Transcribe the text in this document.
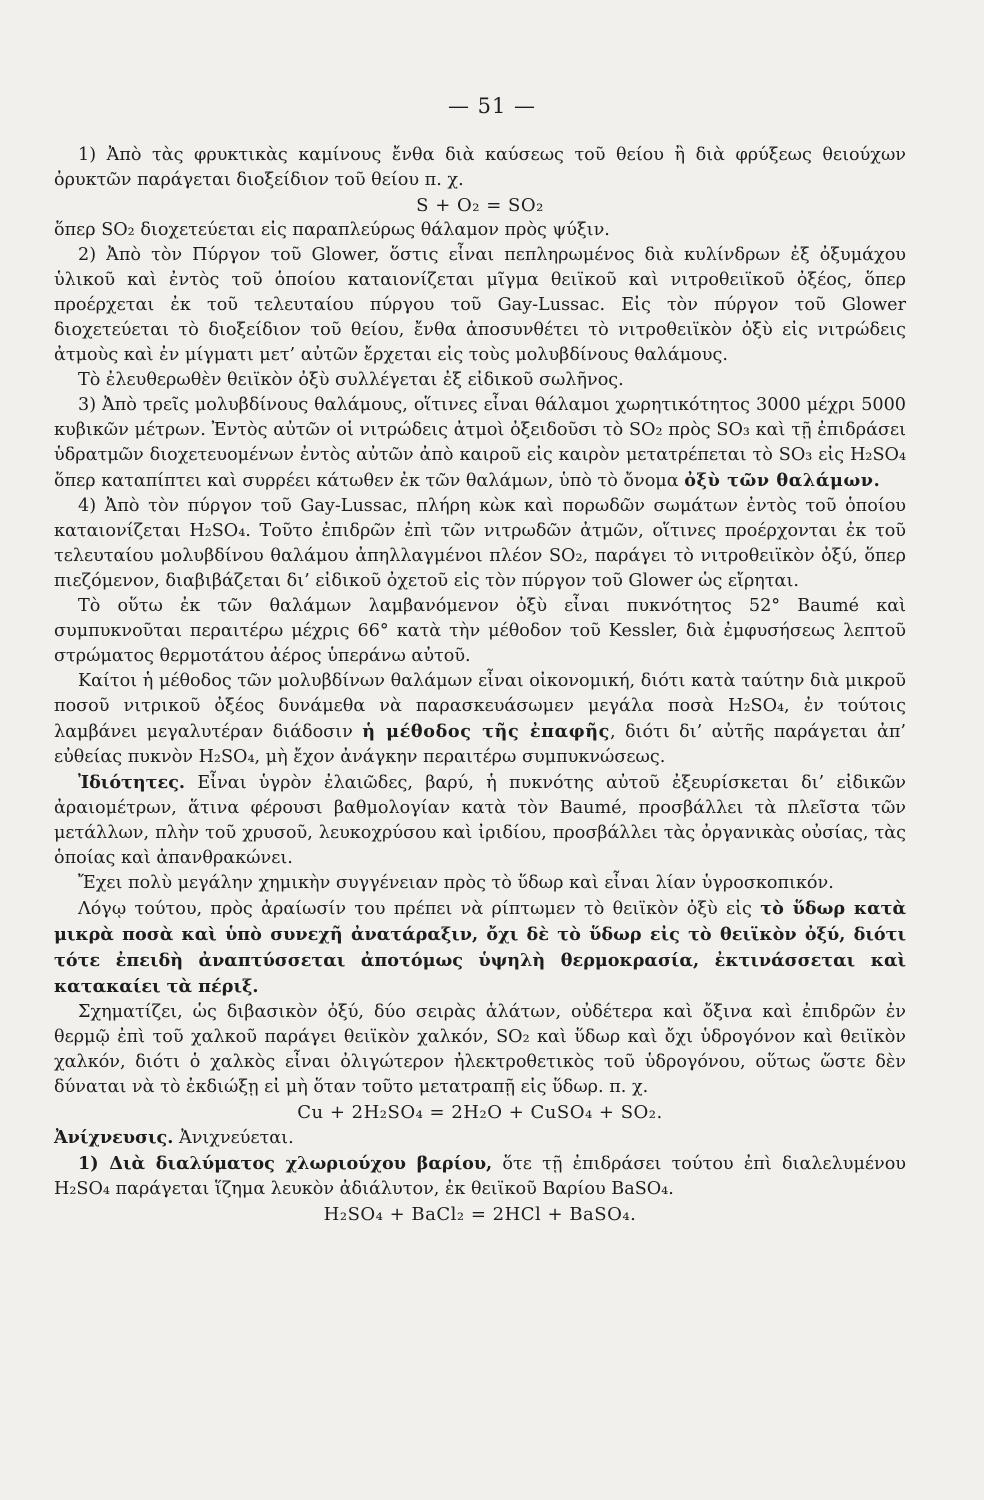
— 51 —

1) Ἀπὸ τὰς φρυκτικὰς καμίνους ἔνθα διὰ καύσεως τοῦ θείου ἢ διὰ φρύξεως θειούχων ὀρυκτῶν παράγεται διοξείδιον τοῦ θείου π. χ.

S + O₂ = SO₂

ὅπερ SO₂ διοχετεύεται εἰς παραπλεύρως θάλαμον πρὸς ψύξιν.

2) Ἀπὸ τὸν Πύργον τοῦ Glower, ὅστις εἶναι πεπληρωμένος διὰ κυλίνδρων ἐξ ὀξυμάχου ὑλικοῦ καὶ ἐντὸς τοῦ ὁποίου καταιονίζεται μῖγμα θειϊκοῦ καὶ νιτροθειϊκοῦ ὀξέος, ὅπερ προέρχεται ἐκ τοῦ τελευταίου πύργου τοῦ Gay-Lussac. Εἰς τὸν πύργον τοῦ Glower διοχετεύεται τὸ διοξείδιον τοῦ θείου, ἔνθα ἀποσυνθέτει τὸ νιτροθειϊκὸν ὀξὺ εἰς νιτρώδεις ἀτμοὺς καὶ ἐν μίγματι μετ’ αὐτῶν ἔρχεται εἰς τοὺς μολυβδίνους θαλάμους.

Τὸ ἐλευθερωθὲν θειϊκὸν ὀξὺ συλλέγεται ἐξ εἰδικοῦ σωλῆνος.

3) Ἀπὸ τρεῖς μολυβδίνους θαλάμους, οἵτινες εἶναι θάλαμοι χωρητικότητος 3000 μέχρι 5000 κυβικῶν μέτρων. Ἐντὸς αὐτῶν οἱ νιτρώδεις ἀτμοὶ ὀξειδοῦσι τὸ SO₂ πρὸς SO₃ καὶ τῇ ἐπιδράσει ὑδρατμῶν διοχετευομένων ἐντὸς αὐτῶν ἀπὸ καιροῦ εἰς καιρὸν μετατρέπεται τὸ SO₃ εἰς H₂SO₄ ὅπερ καταπίπτει καὶ συρρέει κάτωθεν ἐκ τῶν θαλάμων, ὑπὸ τὸ ὄνομα ὀξὺ τῶν θαλάμων.

4) Ἀπὸ τὸν πύργον τοῦ Gay-Lussac, πλήρη κὼκ καὶ πορωδῶν σωμάτων ἐντὸς τοῦ ὁποίου καταιονίζεται H₂SO₄. Τοῦτο ἐπιδρῶν ἐπὶ τῶν νιτρωδῶν ἀτμῶν, οἵτινες προέρχονται ἐκ τοῦ τελευταίου μολυβδίνου θαλάμου ἀπηλλαγμένοι πλέον SO₂, παράγει τὸ νιτροθειϊκὸν ὀξύ, ὅπερ πιεζόμενον, διαβιβάζεται δι’ εἰδικοῦ ὀχετοῦ εἰς τὸν πύργον τοῦ Glower ὡς εἴρηται.

Τὸ οὕτω ἐκ τῶν θαλάμων λαμβανόμενον ὀξὺ εἶναι πυκνότητος 52° Baumé καὶ συμπυκνοῦται περαιτέρω μέχρις 66° κατὰ τὴν μέθοδον τοῦ Kessler, διὰ ἐμφυσήσεως λεπτοῦ στρώματος θερμοτάτου ἀέρος ὑπεράνω αὐτοῦ.

Καίτοι ἡ μέθοδος τῶν μολυβδίνων θαλάμων εἶναι οἰκονομική, διότι κατὰ ταύτην διὰ μικροῦ ποσοῦ νιτρικοῦ ὀξέος δυνάμεθα νὰ παρασκευάσωμεν μεγάλα ποσὰ H₂SO₄, ἐν τούτοις λαμβάνει μεγαλυτέραν διάδοσιν ἡ μέθοδος τῆς ἐπαφῆς, διότι δι’ αὐτῆς παράγεται ἀπ’ εὐθείας πυκνὸν H₂SO₄, μὴ ἔχον ἀνάγκην περαιτέρω συμπυκνώσεως.

Ἰδιότητες. Εἶναι ὑγρὸν ἐλαιῶδες, βαρύ, ἡ πυκνότης αὐτοῦ ἐξευρίσκεται δι’ εἰδικῶν ἀραιομέτρων, ἅτινα φέρουσι βαθμολογίαν κατὰ τὸν Baumé, προσβάλλει τὰ πλεῖστα τῶν μετάλλων, πλὴν τοῦ χρυσοῦ, λευκοχρύσου καὶ ἰριδίου, προσβάλλει τὰς ὀργανικὰς οὐσίας, τὰς ὁποίας καὶ ἀπανθρακώνει.

Ἔχει πολὺ μεγάλην χημικὴν συγγένειαν πρὸς τὸ ὕδωρ καὶ εἶναι λίαν ὑγροσκοπικόν.

Λόγῳ τούτου, πρὸς ἀραίωσίν του πρέπει νὰ ρίπτωμεν τὸ θειϊκὸν ὀξὺ εἰς τὸ ὕδωρ κατὰ μικρὰ ποσὰ καὶ ὑπὸ συνεχῆ ἀνατάραξιν, ὄχι δὲ τὸ ὕδωρ εἰς τὸ θειϊκὸν ὀξύ, διότι τότε ἐπειδὴ ἀναπτύσσεται ἀποτόμως ὑψηλὴ θερμοκρασία, ἐκτινάσσεται καὶ κατακαίει τὰ πέριξ.

Σχηματίζει, ὡς διβασικὸν ὀξύ, δύο σειρὰς ἁλάτων, οὐδέτερα καὶ ὄξινα καὶ ἐπιδρῶν ἐν θερμῷ ἐπὶ τοῦ χαλκοῦ παράγει θειϊκὸν χαλκόν, SO₂ καὶ ὕδωρ καὶ ὄχι ὑδρογόνον καὶ θειϊκὸν χαλκόν, διότι ὁ χαλκὸς εἶναι ὀλιγώτερον ἠλεκτροθετικὸς τοῦ ὑδρογόνου, οὕτως ὥστε δὲν δύναται νὰ τὸ ἐκδιώξῃ εἰ μὴ ὅταν τοῦτο μετατραπῇ εἰς ὕδωρ. π. χ.

Cu + 2H₂SO₄ = 2H₂O + CuSO₄ + SO₂.

Ἀνίχνευσις. Ἀνιχνεύεται.

1) Διὰ διαλύματος χλωριούχου βαρίου, ὅτε τῇ ἐπιδράσει τούτου ἐπὶ διαλελυμένου H₂SO₄ παράγεται ἵζημα λευκὸν ἀδιάλυτον, ἐκ θειϊκοῦ Βαρίου BaSO₄.

H₂SO₄ + BaCl₂ = 2HCl + BaSO₄.
